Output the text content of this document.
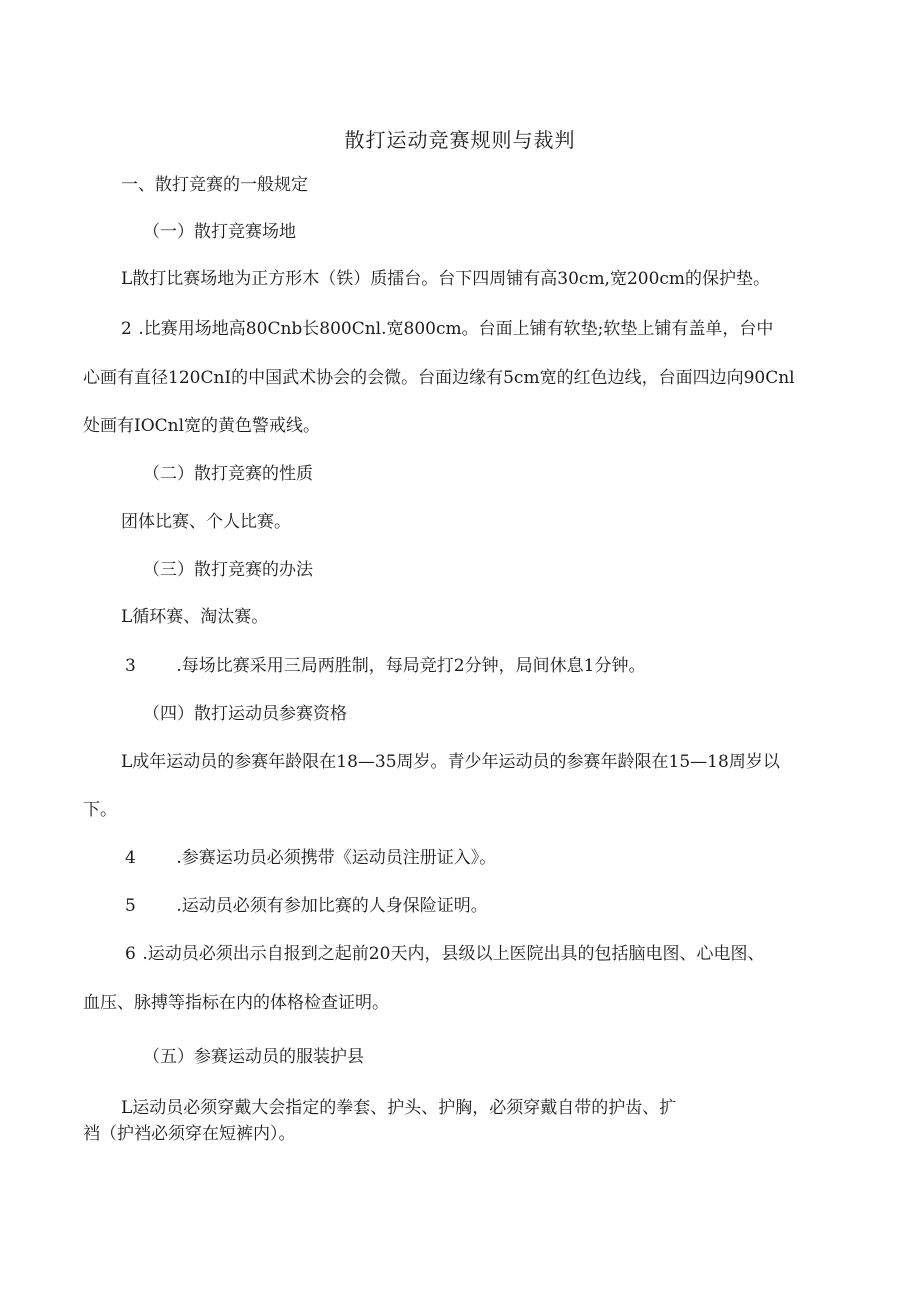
散打运动竞赛规则与裁判
一、散打竞赛的一般规定
（一）散打竞赛场地
L散打比赛场地为正方形木（铁）质擂台。台下四周铺有高30cm,宽200cm的保护垫。
2 .比赛用场地高80Cnb长800Cnl.宽800cm。台面上铺有软垫;软垫上铺有盖单，台中
心画有直径120CnI的中国武术协会的会微。台面边缘有5cm宽的红色边线，台面四边向90Cnl
处画有IOCnl宽的黄色警戒线。
（二）散打竞赛的性质
团体比赛、个人比赛。
（三）散打竞赛的办法
L循环赛、淘汰赛。
3 .每场比赛采用三局两胜制，每局竞打2分钟，局间休息1分钟。
（四）散打运动员参赛资格
L成年运动员的参赛年龄限在18—35周岁。青少年运动员的参赛年龄限在15—18周岁以
下。
4 .参赛运功员必须携带《运动员注册证入》。
5 .运动员必须有参加比赛的人身保险证明。
6 .运动员必须出示自报到之起前20天内，县级以上医院出具的包括脑电图、心电图、
血压、脉搏等指标在内的体格检查证明。
（五）参赛运动员的服装护县
L运动员必须穿戴大会指定的拳套、护头、护胸，必须穿戴自带的护齿、扩
裆（护裆必须穿在短裤内）。
